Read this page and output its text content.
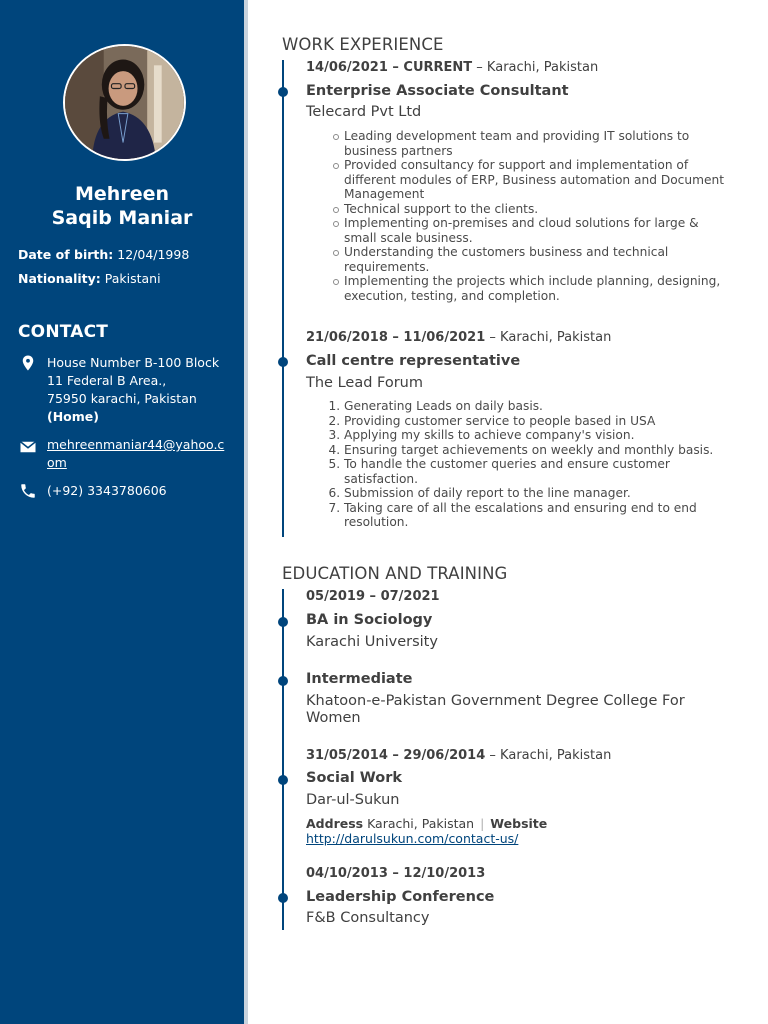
Mehreen
Saqib Maniar
Date of birth: 12/04/1998
Nationality: Pakistani
CONTACT
House Number B-100 Block
11 Federal B Area.,
75950 karachi, Pakistan
(Home)
mehreenmaniar44@yahoo.com
(+92) 3343780606
WORK EXPERIENCE
14/06/2021 – CURRENT – Karachi, Pakistan
Enterprise Associate Consultant
Telecard Pvt Ltd
Leading development team and providing IT solutions to business partners
Provided consultancy for support and implementation of different modules of ERP, Business automation and Document Management
Technical support to the clients.
Implementing on-premises and cloud solutions for large & small scale business.
Understanding the customers business and technical requirements.
Implementing the projects which include planning, designing, execution, testing, and completion.
21/06/2018 – 11/06/2021 – Karachi, Pakistan
Call centre representative
The Lead Forum
1. Generating Leads on daily basis.
2. Providing customer service to people based in USA
3. Applying my skills to achieve company's vision.
4. Ensuring target achievements on weekly and monthly basis.
5. To handle the customer queries and ensure customer satisfaction.
6. Submission of daily report to the line manager.
7. Taking care of all the escalations and ensuring end to end resolution.
EDUCATION AND TRAINING
05/2019 – 07/2021
BA in Sociology
Karachi University
Intermediate
Khatoon-e-Pakistan Government Degree College For Women
31/05/2014 – 29/06/2014 – Karachi, Pakistan
Social Work
Dar-ul-Sukun
Address Karachi, Pakistan | Website http://darulsukun.com/contact-us/
04/10/2013 – 12/10/2013
Leadership Conference
F&B Consultancy
